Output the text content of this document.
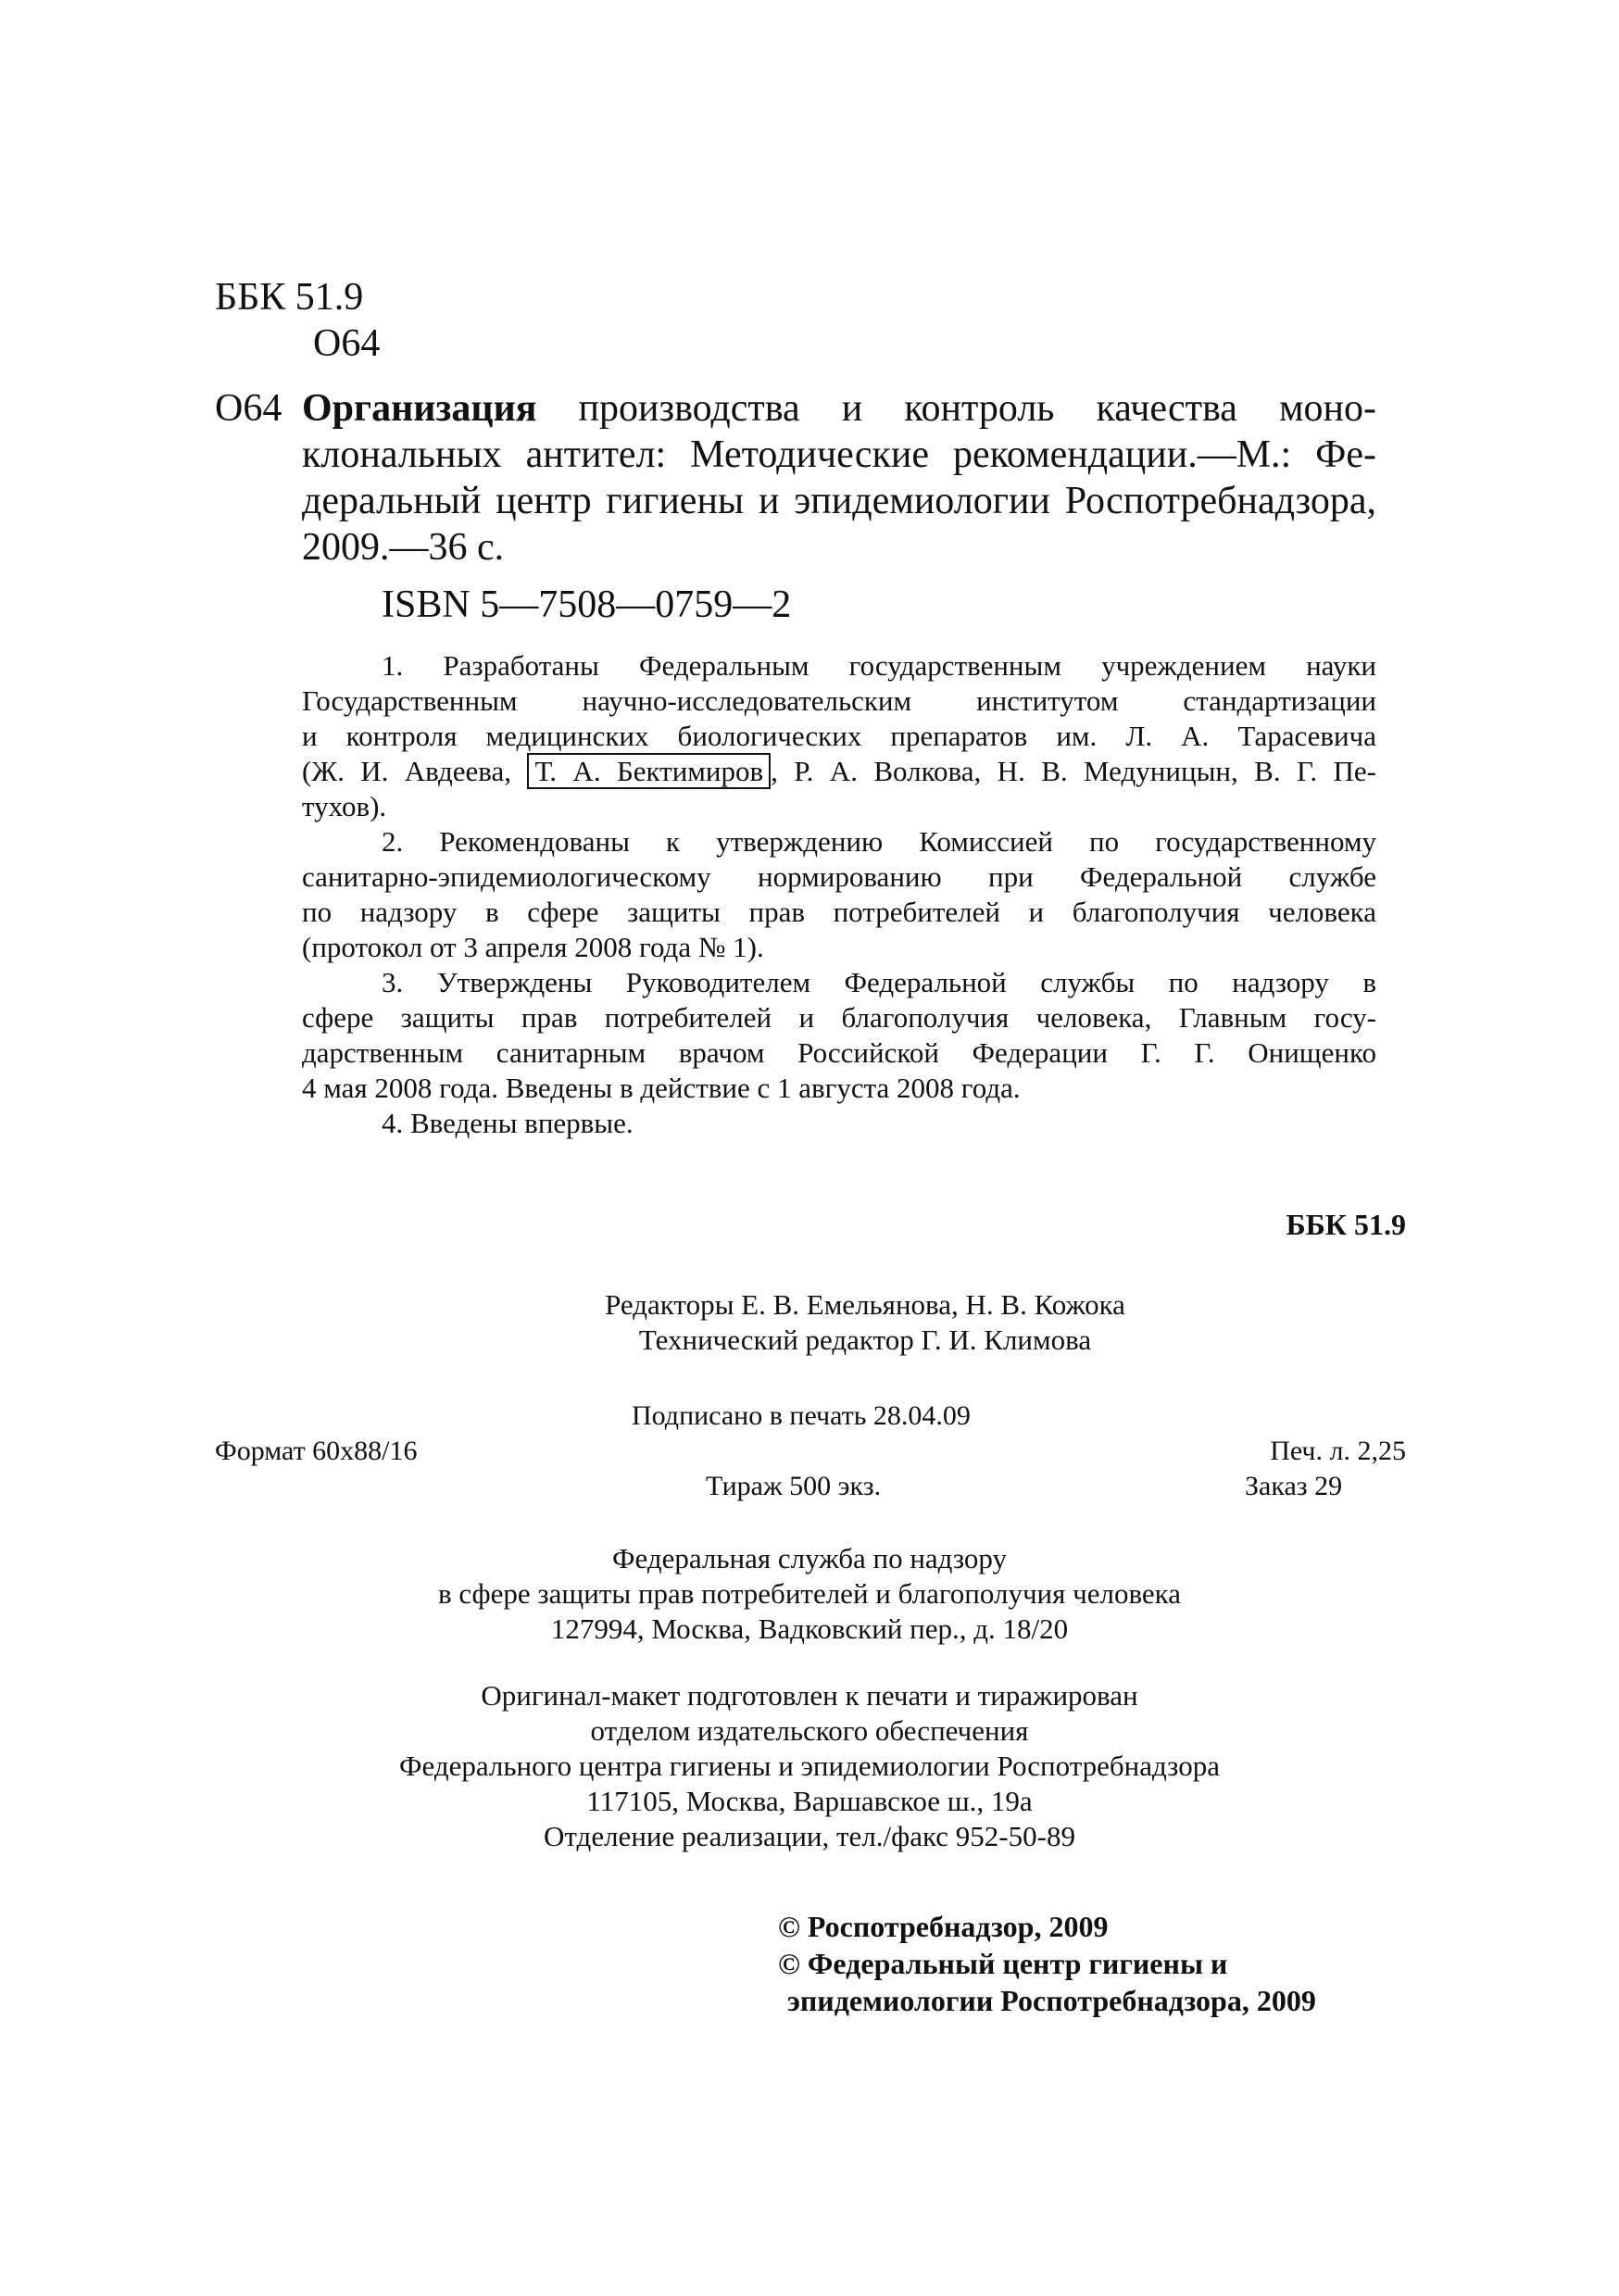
ББК 51.9
О64
О64 Организация производства и контроль качества моно-
клональных антител: Методические рекомендации.—М.: Фе-
деральный центр гигиены и эпидемиологии Роспотребнадзора,
2009.—36 с.
ISBN 5—7508—0759—2
1. Разработаны Федеральным государственным учреждением науки
Государственным научно-исследовательским институтом стандартизации
и контроля медицинских биологических препаратов им. Л. А. Тарасевича
(Ж. И. Авдеева, Т. А. Бектимиров , Р. А. Волкова, Н. В. Медуницын, В. Г. Пе-
тухов).
2. Рекомендованы к утверждению Комиссией по государственному
санитарно-эпидемиологическому нормированию при Федеральной службе
по надзору в сфере защиты прав потребителей и благополучия человека
(протокол от 3 апреля 2008 года № 1).
3. Утверждены Руководителем Федеральной службы по надзору в
сфере защиты прав потребителей и благополучия человека, Главным госу-
дарственным санитарным врачом Российской Федерации Г. Г. Онищенко
4 мая 2008 года. Введены в действие с 1 августа 2008 года.
4. Введены впервые.
ББК 51.9
Редакторы Е. В. Емельянова, Н. В. Кожока
Технический редактор Г. И. Климова
Подписано в печать 28.04.09
Формат 60х88/16	Печ. л. 2,25
Тираж 500 экз.	Заказ 29
Федеральная служба по надзору
в сфере защиты прав потребителей и благополучия человека
127994, Москва, Вадковский пер., д. 18/20
Оригинал-макет подготовлен к печати и тиражирован
отделом издательского обеспечения
Федерального центра гигиены и эпидемиологии Роспотребнадзора
117105, Москва, Варшавское ш., 19а
Отделение реализации, тел./факс 952-50-89
© Роспотребнадзор, 2009
© Федеральный центр гигиены и
эпидемиологии Роспотребнадзора, 2009
